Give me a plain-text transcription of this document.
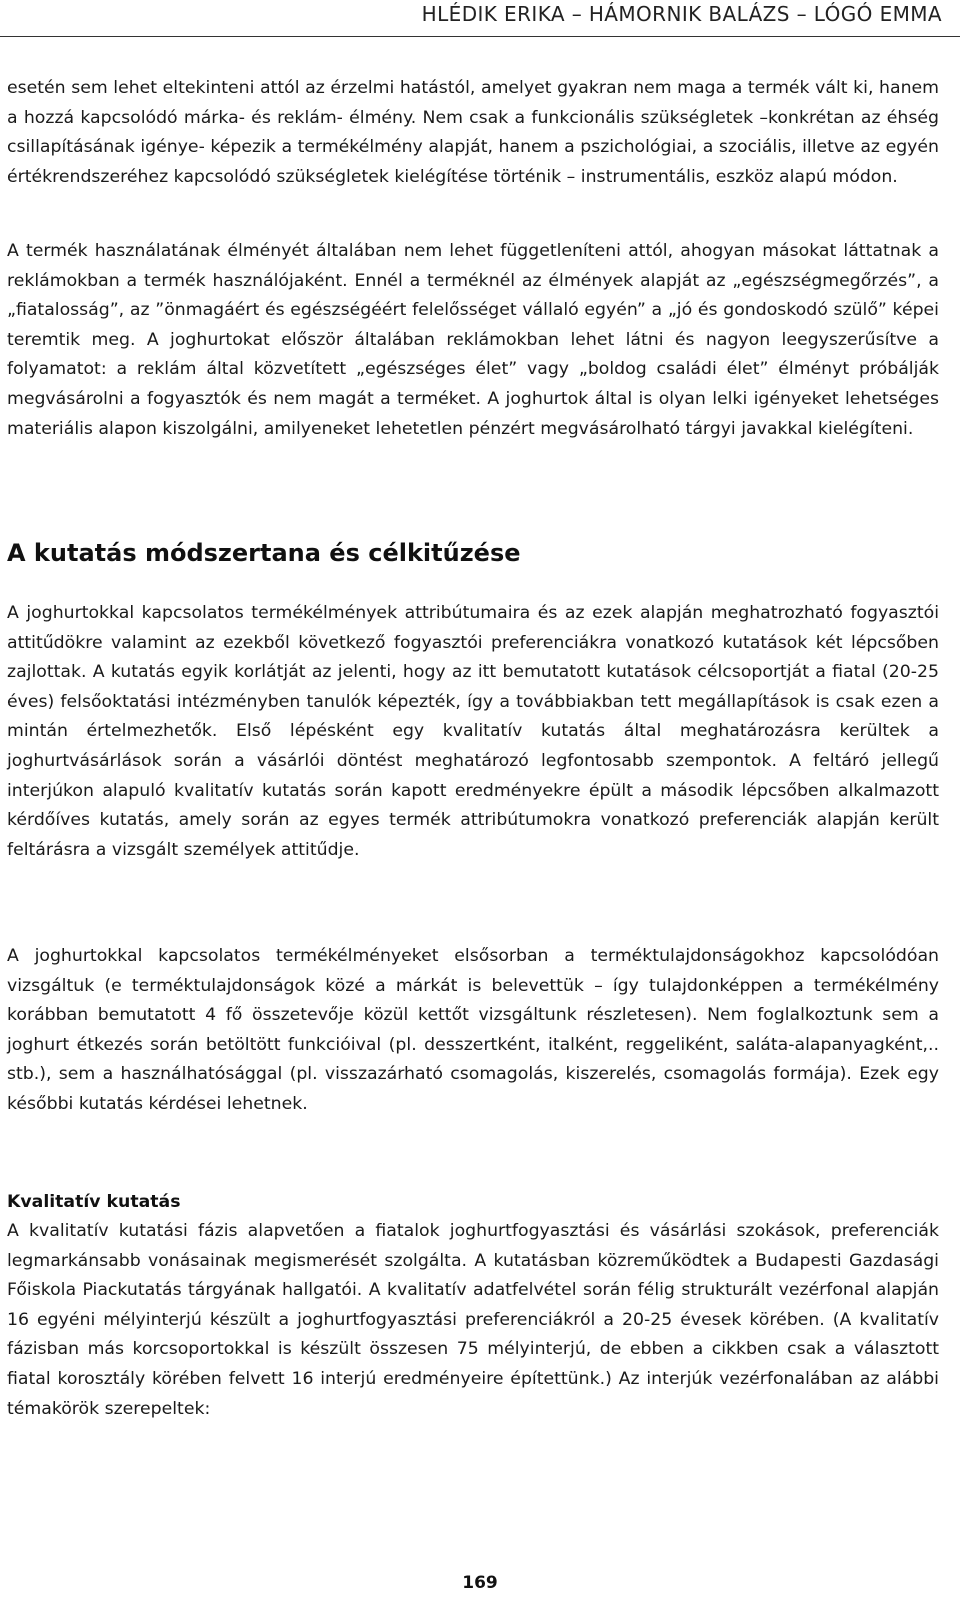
HLÉDIK ERIKA – HÁMORNIK BALÁZS – LÓGÓ EMMA

esetén sem lehet eltekinteni attól az érzelmi hatástól, amelyet gyakran nem maga a termék vált ki, hanem a hozzá kapcsolódó márka- és reklám- élmény. Nem csak a funkcionális szükségletek –konkrétan az éhség csillapításának igénye- képezik a termékélmény alapját, hanem a pszichológiai, a szociális, illetve az egyén értékrendszeréhez kapcsolódó szükségletek kielégítése történik – instrumentális, eszköz alapú módon.

A termék használatának élményét általában nem lehet függetleníteni attól, ahogyan másokat láttatnak a reklámokban a termék használójaként. Ennél a terméknél az élmények alapját az „egészségmegőrzés”, a „fiatalosság”, az ”önmagáért és egészségéért felelősséget vállaló egyén” a „jó és gondoskodó szülő” képei teremtik meg. A joghurtokat először általában reklámokban lehet látni és nagyon leegyszerűsítve a folyamatot: a reklám által közvetített „egészséges élet” vagy „boldog családi élet” élményt próbálják megvásárolni a fogyasztók és nem magát a terméket. A joghurtok által is olyan lelki igényeket lehetséges materiális alapon kiszolgálni, amilyeneket lehetetlen pénzért megvásárolható tárgyi javakkal kielégíteni.

A kutatás módszertana és célkitűzése

A joghurtokkal kapcsolatos termékélmények attribútumaira és az ezek alapján meghatrozható fogyasztói attitűdökre valamint az ezekből következő fogyasztói preferenciákra vonatkozó kutatások két lépcsőben zajlottak. A kutatás egyik korlátját az jelenti, hogy az itt bemutatott kutatások célcsoportját a fiatal (20-25 éves) felsőoktatási intézményben tanulók képezték, így a továbbiakban tett megállapítások is csak ezen a mintán értelmezhetők. Első lépésként egy kvalitatív kutatás által meghatározásra kerültek a joghurtvásárlások során a vásárlói döntést meghatározó legfontosabb szempontok. A feltáró jellegű interjúkon alapuló kvalitatív kutatás során kapott eredményekre épült a második lépcsőben alkalmazott kérdőíves kutatás, amely során az egyes termék attribútumokra vonatkozó preferenciák alapján került feltárásra a vizsgált személyek attitűdje.

A joghurtokkal kapcsolatos termékélményeket elsősorban a terméktulajdonságokhoz kapcsolódóan vizsgáltuk (e terméktulajdonságok közé a márkát is belevettük – így tulajdonképpen a termékélmény korábban bemutatott 4 fő összetevője közül kettőt vizsgáltunk részletesen). Nem foglalkoztunk sem a joghurt étkezés során betöltött funkcióival (pl. desszertként, italként, reggeliként, saláta-alapanyagként,.. stb.), sem a használhatósággal (pl. visszazárható csomagolás, kiszerelés, csomagolás formája). Ezek egy későbbi kutatás kérdései lehetnek.

Kvalitatív kutatás

A kvalitatív kutatási fázis alapvetően a fiatalok joghurtfogyasztási és vásárlási szokások, preferenciák legmarkánsabb vonásainak megismerését szolgálta. A kutatásban közreműködtek a Budapesti Gazdasági Főiskola Piackutatás tárgyának hallgatói. A kvalitatív adatfelvétel során félig strukturált vezérfonal alapján 16 egyéni mélyinterjú készült a joghurtfogyasztási preferenciákról a 20-25 évesek körében. (A kvalitatív fázisban más korcsoportokkal is készült összesen 75 mélyinterjú, de ebben a cikkben csak a választott fiatal korosztály körében felvett 16 interjú eredményeire építettünk.) Az interjúk vezérfonalában az alábbi témakörök szerepeltek:

169
